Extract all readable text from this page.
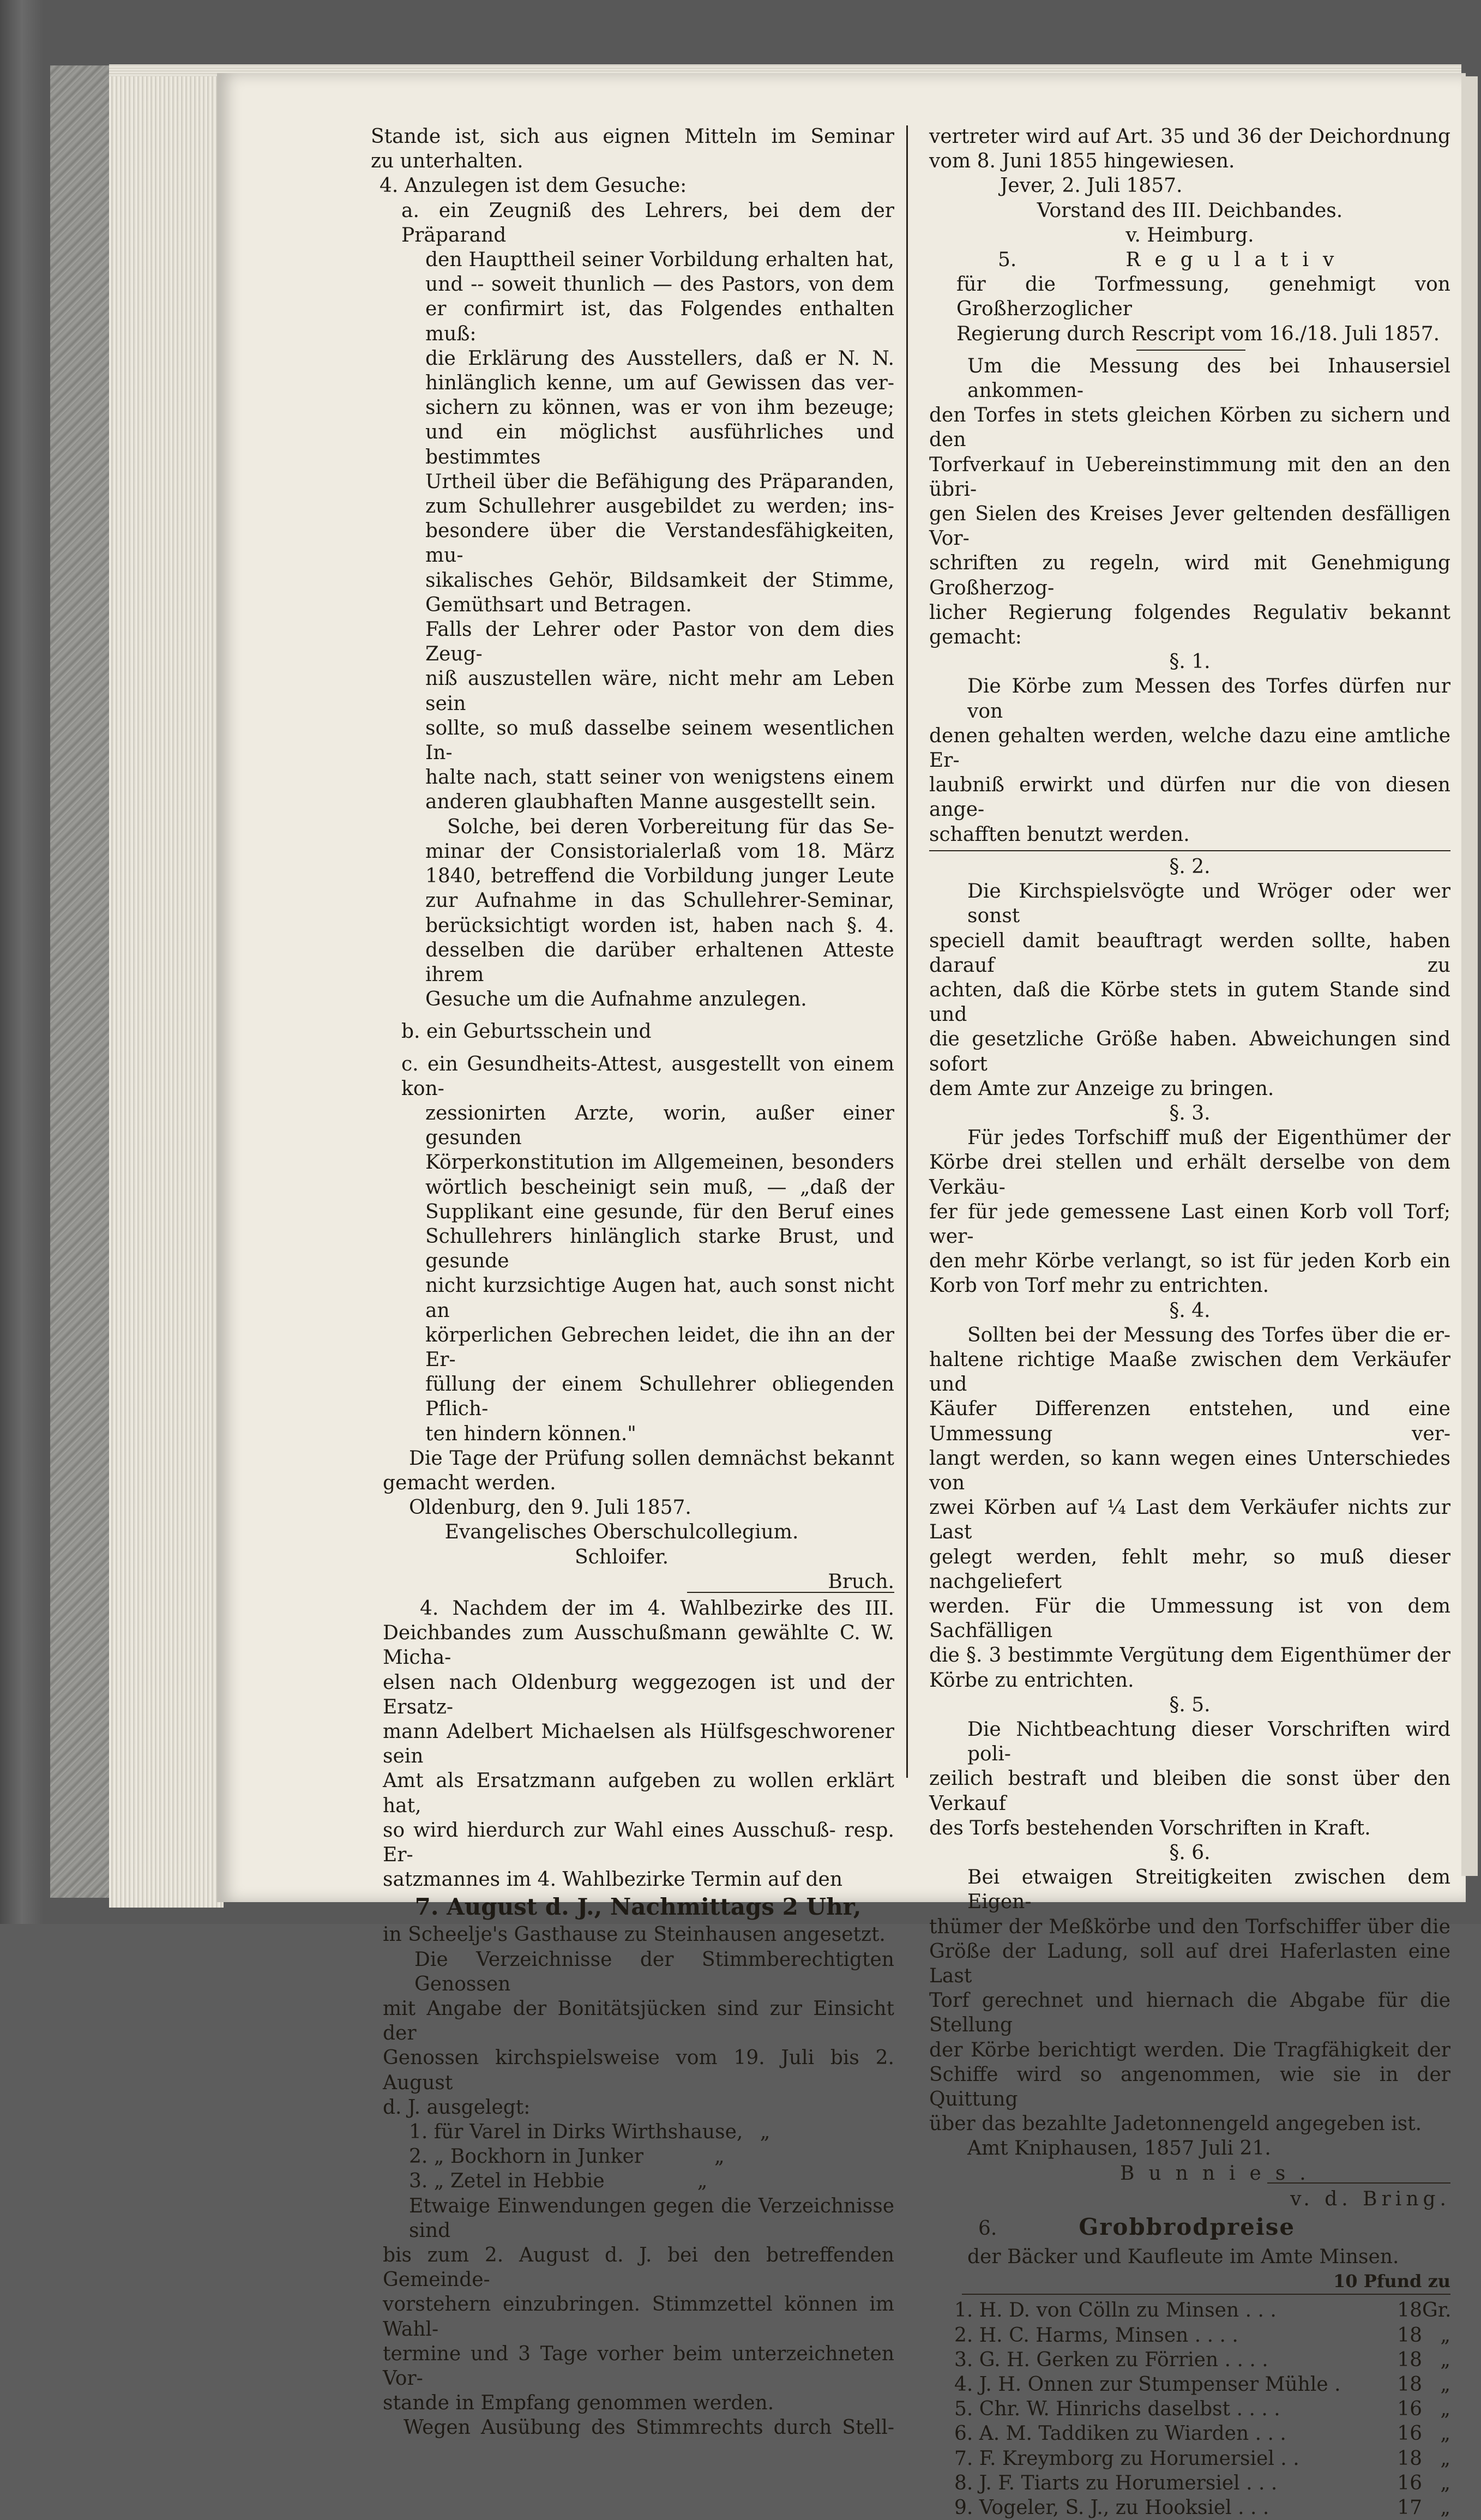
Stande ist, sich aus eignen Mitteln im Seminar
zu unterhalten.
4. Anzulegen ist dem Gesuche:
a. ein Zeugniß des Lehrers, bei dem der Präparand
den Haupttheil seiner Vorbildung erhalten hat,
und -- soweit thunlich — des Pastors, von dem
er confirmirt ist, das Folgendes enthalten muß:
die Erklärung des Ausstellers, daß er N. N.
hinlänglich kenne, um auf Gewissen das ver-
sichern zu können, was er von ihm bezeuge;
und ein möglichst ausführliches und bestimmtes
Urtheil über die Befähigung des Präparanden,
zum Schullehrer ausgebildet zu werden; ins-
besondere über die Verstandesfähigkeiten, mu-
sikalisches Gehör, Bildsamkeit der Stimme,
Gemüthsart und Betragen.
Falls der Lehrer oder Pastor von dem dies Zeug-
niß auszustellen wäre, nicht mehr am Leben sein
sollte, so muß dasselbe seinem wesentlichen In-
halte nach, statt seiner von wenigstens einem
anderen glaubhaften Manne ausgestellt sein.
Solche, bei deren Vorbereitung für das Se-
minar der Consistorialerlaß vom 18. März
1840, betreffend die Vorbildung junger Leute
zur Aufnahme in das Schullehrer-Seminar,
berücksichtigt worden ist, haben nach §. 4.
desselben die darüber erhaltenen Atteste ihrem
Gesuche um die Aufnahme anzulegen.
b. ein Geburtsschein und
c. ein Gesundheits-Attest, ausgestellt von einem kon-
zessionirten Arzte, worin, außer einer gesunden
Körperkonstitution im Allgemeinen, besonders
wörtlich bescheinigt sein muß, — „daß der
Supplikant eine gesunde, für den Beruf eines
Schullehrers hinlänglich starke Brust, und gesunde
nicht kurzsichtige Augen hat, auch sonst nicht an
körperlichen Gebrechen leidet, die ihn an der Er-
füllung der einem Schullehrer obliegenden Pflich-
ten hindern können."
Die Tage der Prüfung sollen demnächst bekannt
gemacht werden.
Oldenburg, den 9. Juli 1857.
Evangelisches Oberschulcollegium.
Schloifer.
Bruch.
4. Nachdem der im 4. Wahlbezirke des III.
Deichbandes zum Ausschußmann gewählte C. W. Micha-
elsen nach Oldenburg weggezogen ist und der Ersatz-
mann Adelbert Michaelsen als Hülfsgeschworener sein
Amt als Ersatzmann aufgeben zu wollen erklärt hat,
so wird hierdurch zur Wahl eines Ausschuß- resp. Er-
satzmannes im 4. Wahlbezirke Termin auf den
7. August d. J., Nachmittags 2 Uhr,
in Scheelje's Gasthause zu Steinhausen angesetzt.
Die Verzeichnisse der Stimmberechtigten Genossen
mit Angabe der Bonitätsjücken sind zur Einsicht der
Genossen kirchspielsweise vom 19. Juli bis 2. August
d. J. ausgelegt:
1. für Varel in Dirks Wirthshause, „
2. „ Bockhorn in Junker	„
3. „ Zetel in Hebbie	„
Etwaige Einwendungen gegen die Verzeichnisse sind
bis zum 2. August d. J. bei den betreffenden Gemeinde-
vorstehern einzubringen. Stimmzettel können im Wahl-
termine und 3 Tage vorher beim unterzeichneten Vor-
stande in Empfang genommen werden.
Wegen Ausübung des Stimmrechts durch Stell-
vertreter wird auf Art. 35 und 36 der Deichordnung
vom 8. Juni 1855 hingewiesen.
Jever, 2. Juli 1857.
Vorstand des III. Deichbandes.
v. Heimburg.
5.	Regulativ
für die Torfmessung, genehmigt von Großherzoglicher
Regierung durch Rescript vom 16./18. Juli 1857.
Um die Messung des bei Inhausersiel ankommen-
den Torfes in stets gleichen Körben zu sichern und den
Torfverkauf in Uebereinstimmung mit den an den übri-
gen Sielen des Kreises Jever geltenden desfälligen Vor-
schriften zu regeln, wird mit Genehmigung Großherzog-
licher Regierung folgendes Regulativ bekannt gemacht:
§. 1.
Die Körbe zum Messen des Torfes dürfen nur von
denen gehalten werden, welche dazu eine amtliche Er-
laubniß erwirkt und dürfen nur die von diesen ange-
schafften benutzt werden.
§. 2.
Die Kirchspielsvögte und Wröger oder wer sonst
speciell damit beauftragt werden sollte, haben darauf zu
achten, daß die Körbe stets in gutem Stande sind und
die gesetzliche Größe haben. Abweichungen sind sofort
dem Amte zur Anzeige zu bringen.
§. 3.
Für jedes Torfschiff muß der Eigenthümer der
Körbe drei stellen und erhält derselbe von dem Verkäu-
fer für jede gemessene Last einen Korb voll Torf; wer-
den mehr Körbe verlangt, so ist für jeden Korb ein
Korb von Torf mehr zu entrichten.
§. 4.
Sollten bei der Messung des Torfes über die er-
haltene richtige Maaße zwischen dem Verkäufer und
Käufer Differenzen entstehen, und eine Ummessung ver-
langt werden, so kann wegen eines Unterschiedes von
zwei Körben auf ¼ Last dem Verkäufer nichts zur Last
gelegt werden, fehlt mehr, so muß dieser nachgeliefert
werden. Für die Ummessung ist von dem Sachfälligen
die §. 3 bestimmte Vergütung dem Eigenthümer der
Körbe zu entrichten.
§. 5.
Die Nichtbeachtung dieser Vorschriften wird poli-
zeilich bestraft und bleiben die sonst über den Verkauf
des Torfs bestehenden Vorschriften in Kraft.
§. 6.
Bei etwaigen Streitigkeiten zwischen dem Eigen-
thümer der Meßkörbe und den Torfschiffer über die
Größe der Ladung, soll auf drei Haferlasten eine Last
Torf gerechnet und hiernach die Abgabe für die Stellung
der Körbe berichtigt werden. Die Tragfähigkeit der
Schiffe wird so angenommen, wie sie in der Quittung
über das bezahlte Jadetonnengeld angegeben ist.
Amt Kniphausen, 1857 Juli 21.
Bunnies.
v. d. Bring.
6.	Grobbrodpreise
der Bäcker und Kaufleute im Amte Minsen.
10 Pfund zu
1. H. D. von Cölln zu Minsen . . .	18 Gr.
2. H. C. Harms, Minsen . . . .	18 „
3. G. H. Gerken zu Förrien . . . .	18 „
4. J. H. Onnen zur Stumpenser Mühle .	18 „
5. Chr. W. Hinrichs daselbst . . . .	16 „
6. A. M. Taddiken zu Wiarden . . .	16 „
7. F. Kreymborg zu Horumersiel . .	18 „
8. J. F. Tiarts zu Horumersiel . . .	16 „
9. Vogeler, S. J., zu Hooksiel . . .	17 „
